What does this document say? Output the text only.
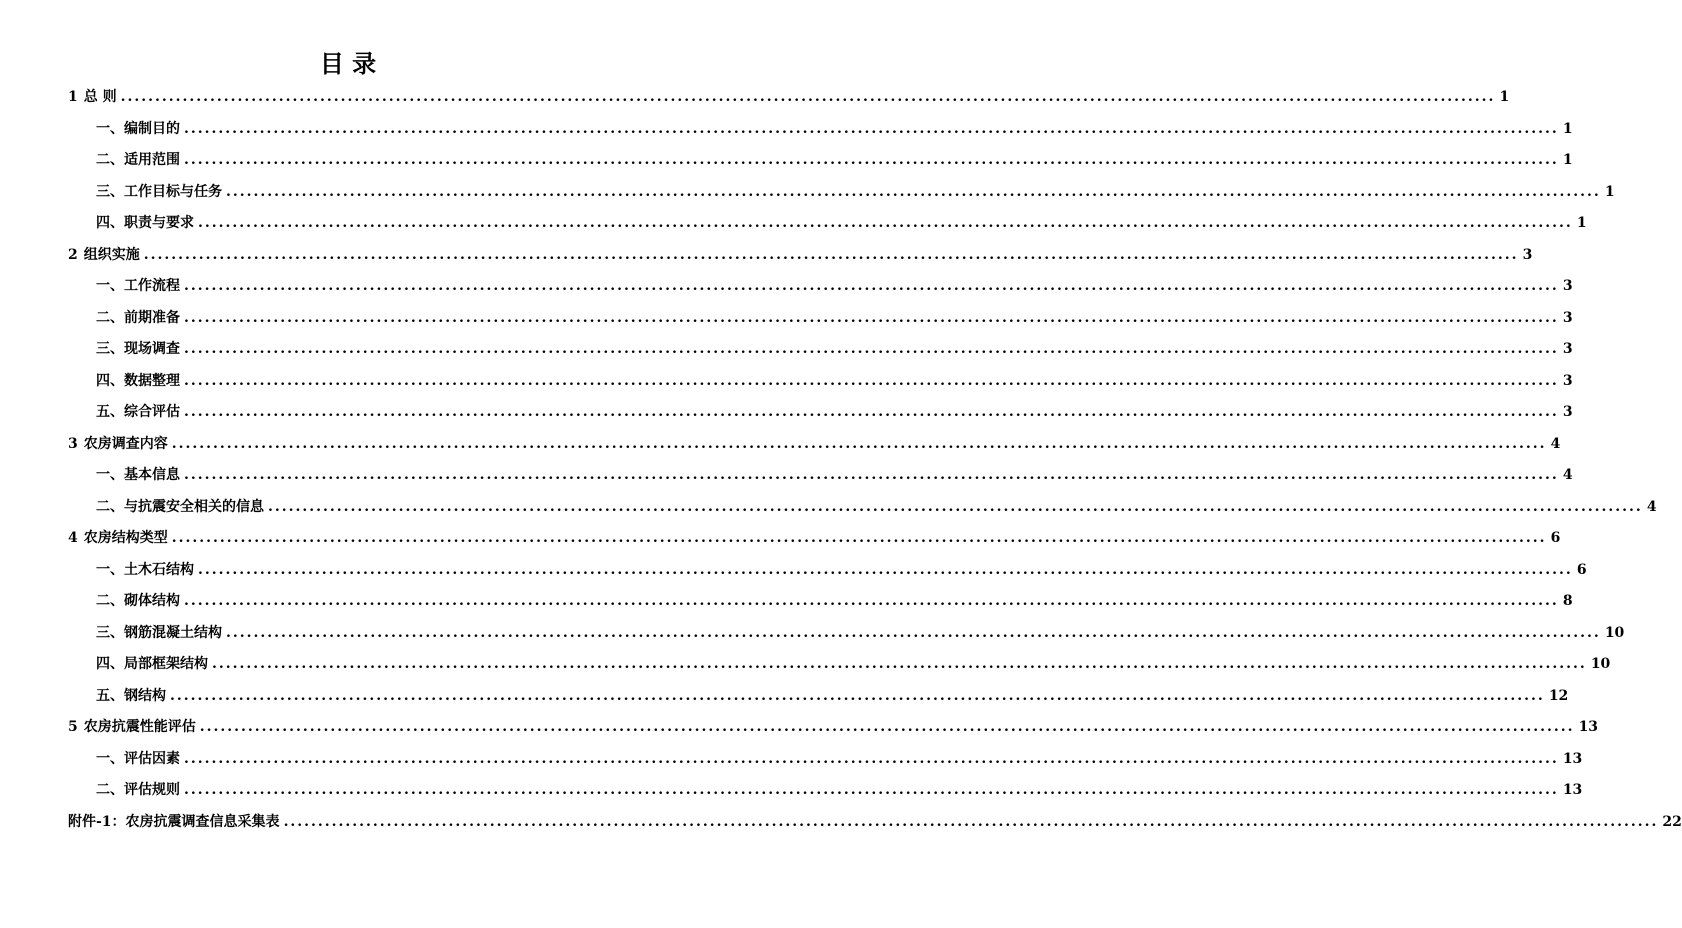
目 录
1 总 则 ........................................................................................................................................................................................................ 1
一、 编制目的 ........................................................................................................................................................................................................ 1
二、 适用范围 ........................................................................................................................................................................................................ 1
三、 工作目标与任务 ........................................................................................................................................................................................................ 1
四、 职责与要求 ........................................................................................................................................................................................................ 1
2 组织实施 ........................................................................................................................................................................................................ 3
一、 工作流程 ........................................................................................................................................................................................................ 3
二、 前期准备 ........................................................................................................................................................................................................ 3
三、 现场调查 ........................................................................................................................................................................................................ 3
四、 数据整理 ........................................................................................................................................................................................................ 3
五、 综合评估 ........................................................................................................................................................................................................ 3
3 农房调查内容 ........................................................................................................................................................................................................ 4
一、 基本信息 ........................................................................................................................................................................................................ 4
二、 与抗震安全相关的信息 ........................................................................................................................................................................................................ 4
4 农房结构类型 ........................................................................................................................................................................................................ 6
一、 土木石结构 ........................................................................................................................................................................................................ 6
二、 砌体结构 ........................................................................................................................................................................................................ 8
三、 钢筋混凝土结构 ........................................................................................................................................................................................................ 10
四、 局部框架结构 ........................................................................................................................................................................................................ 10
五、 钢结构 ........................................................................................................................................................................................................ 12
5 农房抗震性能评估 ........................................................................................................................................................................................................ 13
一、评估因素 ........................................................................................................................................................................................................ 13
二、评估规则 ........................................................................................................................................................................................................ 13
附件-1：农房抗震调查信息采集表 ........................................................................................................................................................................................................ 22
